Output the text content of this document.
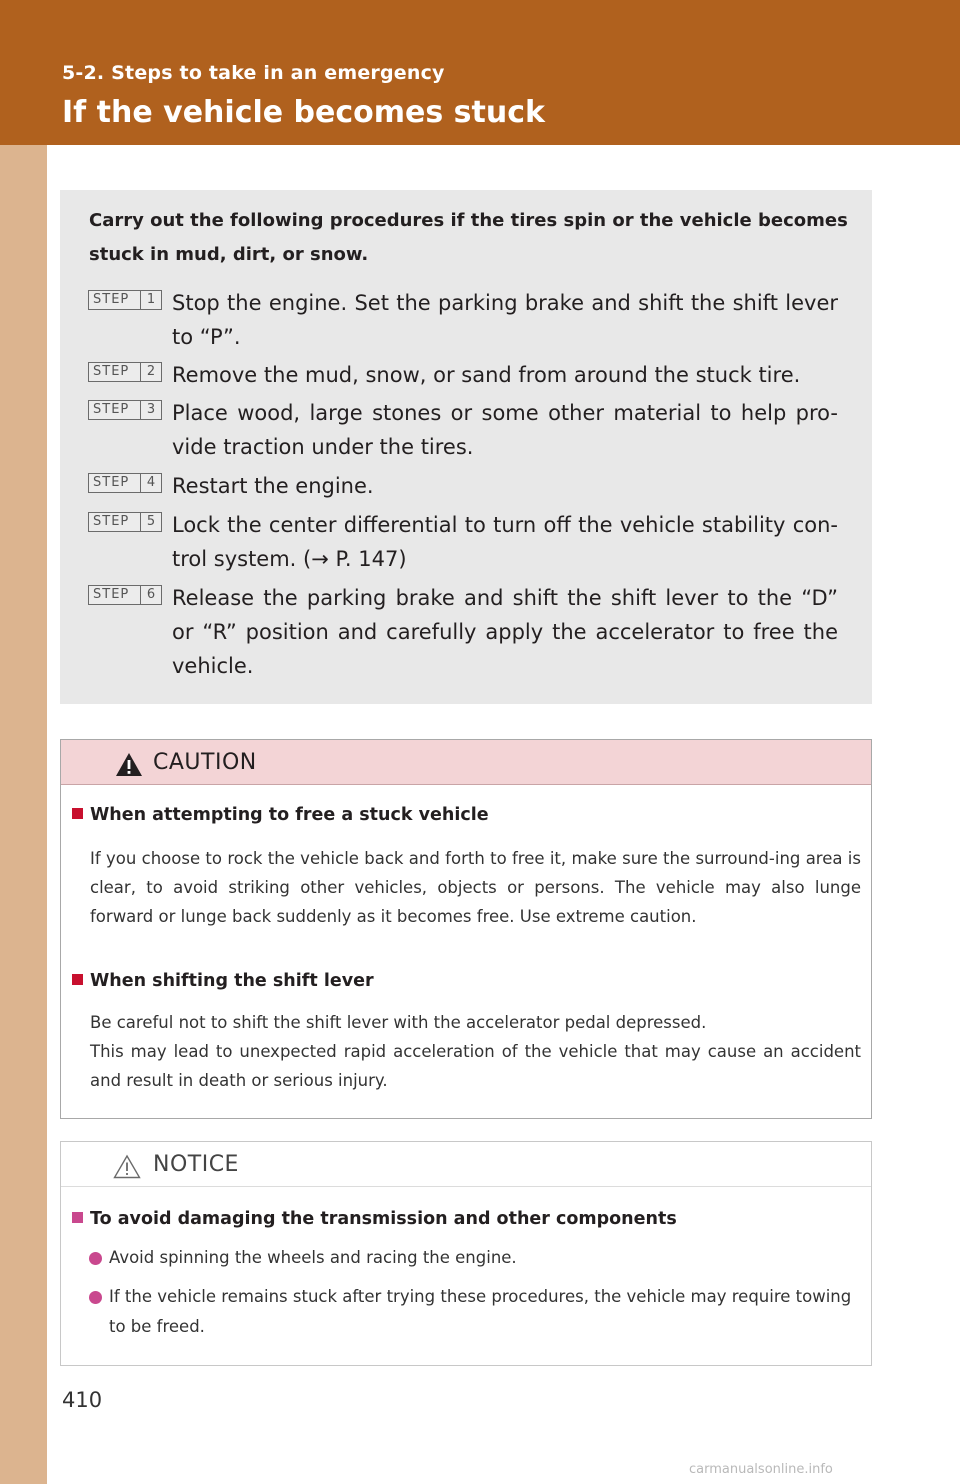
5-2. Steps to take in an emergency
If the vehicle becomes stuck
Carry out the following procedures if the tires spin or the vehicle becomes stuck in mud, dirt, or snow.
STEP	1 Stop the engine. Set the parking brake and shift the shift lever to “P”.
STEP	2 Remove the mud, snow, or sand from around the stuck tire.
STEP	3 Place wood, large stones or some other material to help pro-vide traction under the tires.
STEP	4 Restart the engine.
STEP	5 Lock the center differential to turn off the vehicle stability con-trol system. (→ P. 147)
STEP	6 Release the parking brake and shift the shift lever to the “D” or “R” position and carefully apply the accelerator to free the vehicle.
CAUTION
When attempting to free a stuck vehicle
If you choose to rock the vehicle back and forth to free it, make sure the surround-ing area is clear, to avoid striking other vehicles, objects or persons. The vehicle may also lunge forward or lunge back suddenly as it becomes free. Use extreme caution.
When shifting the shift lever
Be careful not to shift the shift lever with the accelerator pedal depressed.
This may lead to unexpected rapid acceleration of the vehicle that may cause an accident and result in death or serious injury.
NOTICE
To avoid damaging the transmission and other components
Avoid spinning the wheels and racing the engine.
If the vehicle remains stuck after trying these procedures, the vehicle may require towing to be freed.
410
carmanualsonline.info
